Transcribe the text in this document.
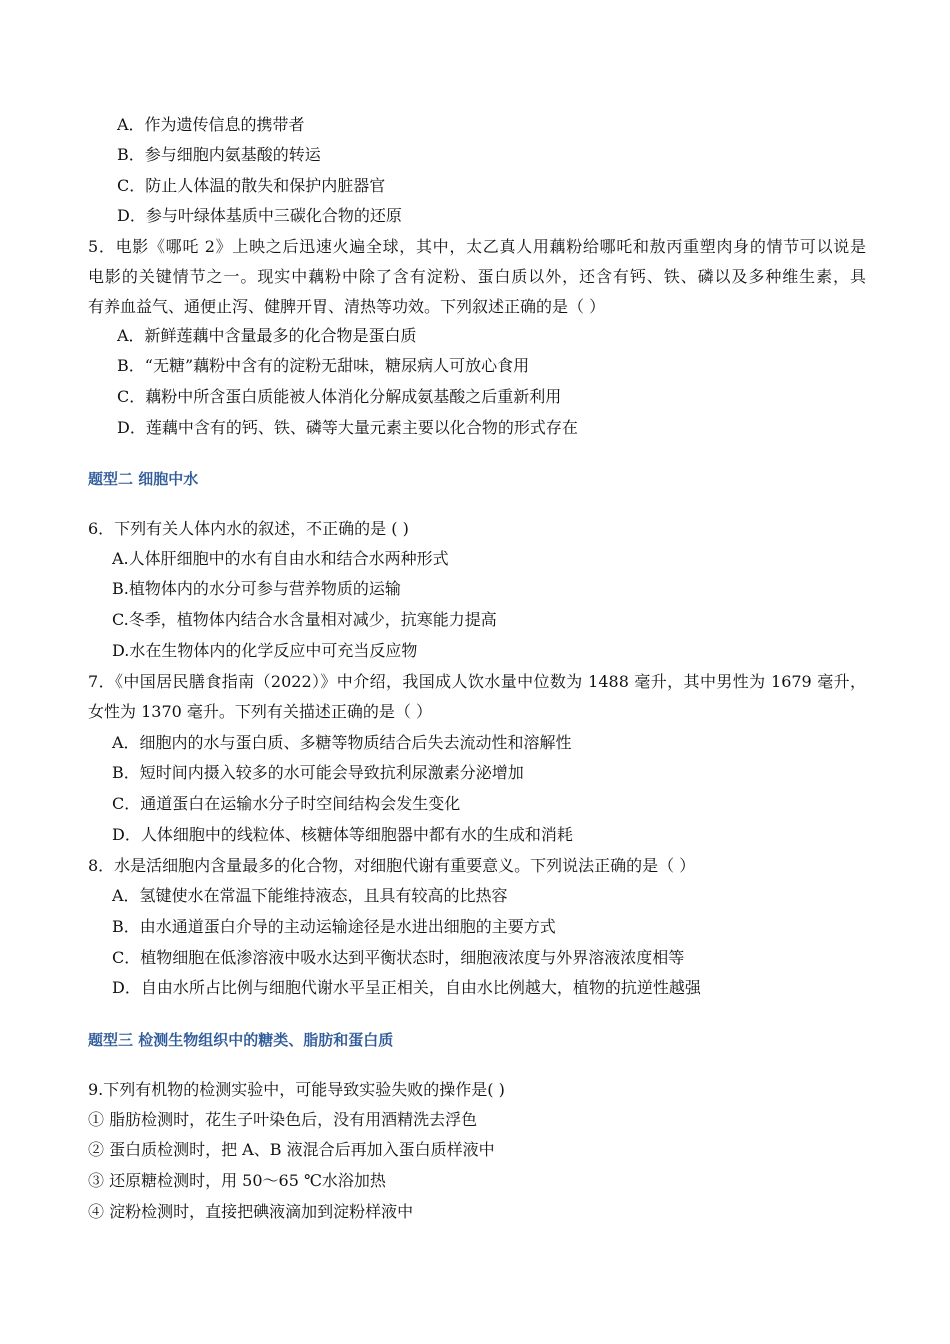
A．作为遗传信息的携带者
B．参与细胞内氨基酸的转运
C．防止人体温的散失和保护内脏器官
D．参与叶绿体基质中三碳化合物的还原
5．电影《哪吒 2》上映之后迅速火遍全球，其中，太乙真人用藕粉给哪吒和敖丙重塑肉身的情节可以说是
电影的关键情节之一。现实中藕粉中除了含有淀粉、蛋白质以外，还含有钙、铁、磷以及多种维生素，具
有养血益气、通便止泻、健脾开胃、清热等功效。下列叙述正确的是（ ）
A．新鲜莲藕中含量最多的化合物是蛋白质
B．“无糖”藕粉中含有的淀粉无甜味，糖尿病人可放心食用
C．藕粉中所含蛋白质能被人体消化分解成氨基酸之后重新利用
D．莲藕中含有的钙、铁、磷等大量元素主要以化合物的形式存在
题型二 细胞中水
6．下列有关人体内水的叙述，不正确的是 ( )
A.人体肝细胞中的水有自由水和结合水两种形式
B.植物体内的水分可参与营养物质的运输
C.冬季，植物体内结合水含量相对减少，抗寒能力提高
D.水在生物体内的化学反应中可充当反应物
7．《中国居民膳食指南（2022）》中介绍，我国成人饮水量中位数为 1488 毫升，其中男性为 1679 毫升，
女性为 1370 毫升。下列有关描述正确的是（ ）
A．细胞内的水与蛋白质、多糖等物质结合后失去流动性和溶解性
B．短时间内摄入较多的水可能会导致抗利尿激素分泌增加
C．通道蛋白在运输水分子时空间结构会发生变化
D．人体细胞中的线粒体、核糖体等细胞器中都有水的生成和消耗
8．水是活细胞内含量最多的化合物，对细胞代谢有重要意义。下列说法正确的是（ ）
A．氢键使水在常温下能维持液态，且具有较高的比热容
B．由水通道蛋白介导的主动运输途径是水进出细胞的主要方式
C．植物细胞在低渗溶液中吸水达到平衡状态时，细胞液浓度与外界溶液浓度相等
D．自由水所占比例与细胞代谢水平呈正相关，自由水比例越大，植物的抗逆性越强
题型三 检测生物组织中的糖类、脂肪和蛋白质
9.下列有机物的检测实验中，可能导致实验失败的操作是( )
① 脂肪检测时，花生子叶染色后，没有用酒精洗去浮色
② 蛋白质检测时，把 A、B 液混合后再加入蛋白质样液中
③ 还原糖检测时，用 50～65 ℃水浴加热
④ 淀粉检测时，直接把碘液滴加到淀粉样液中
